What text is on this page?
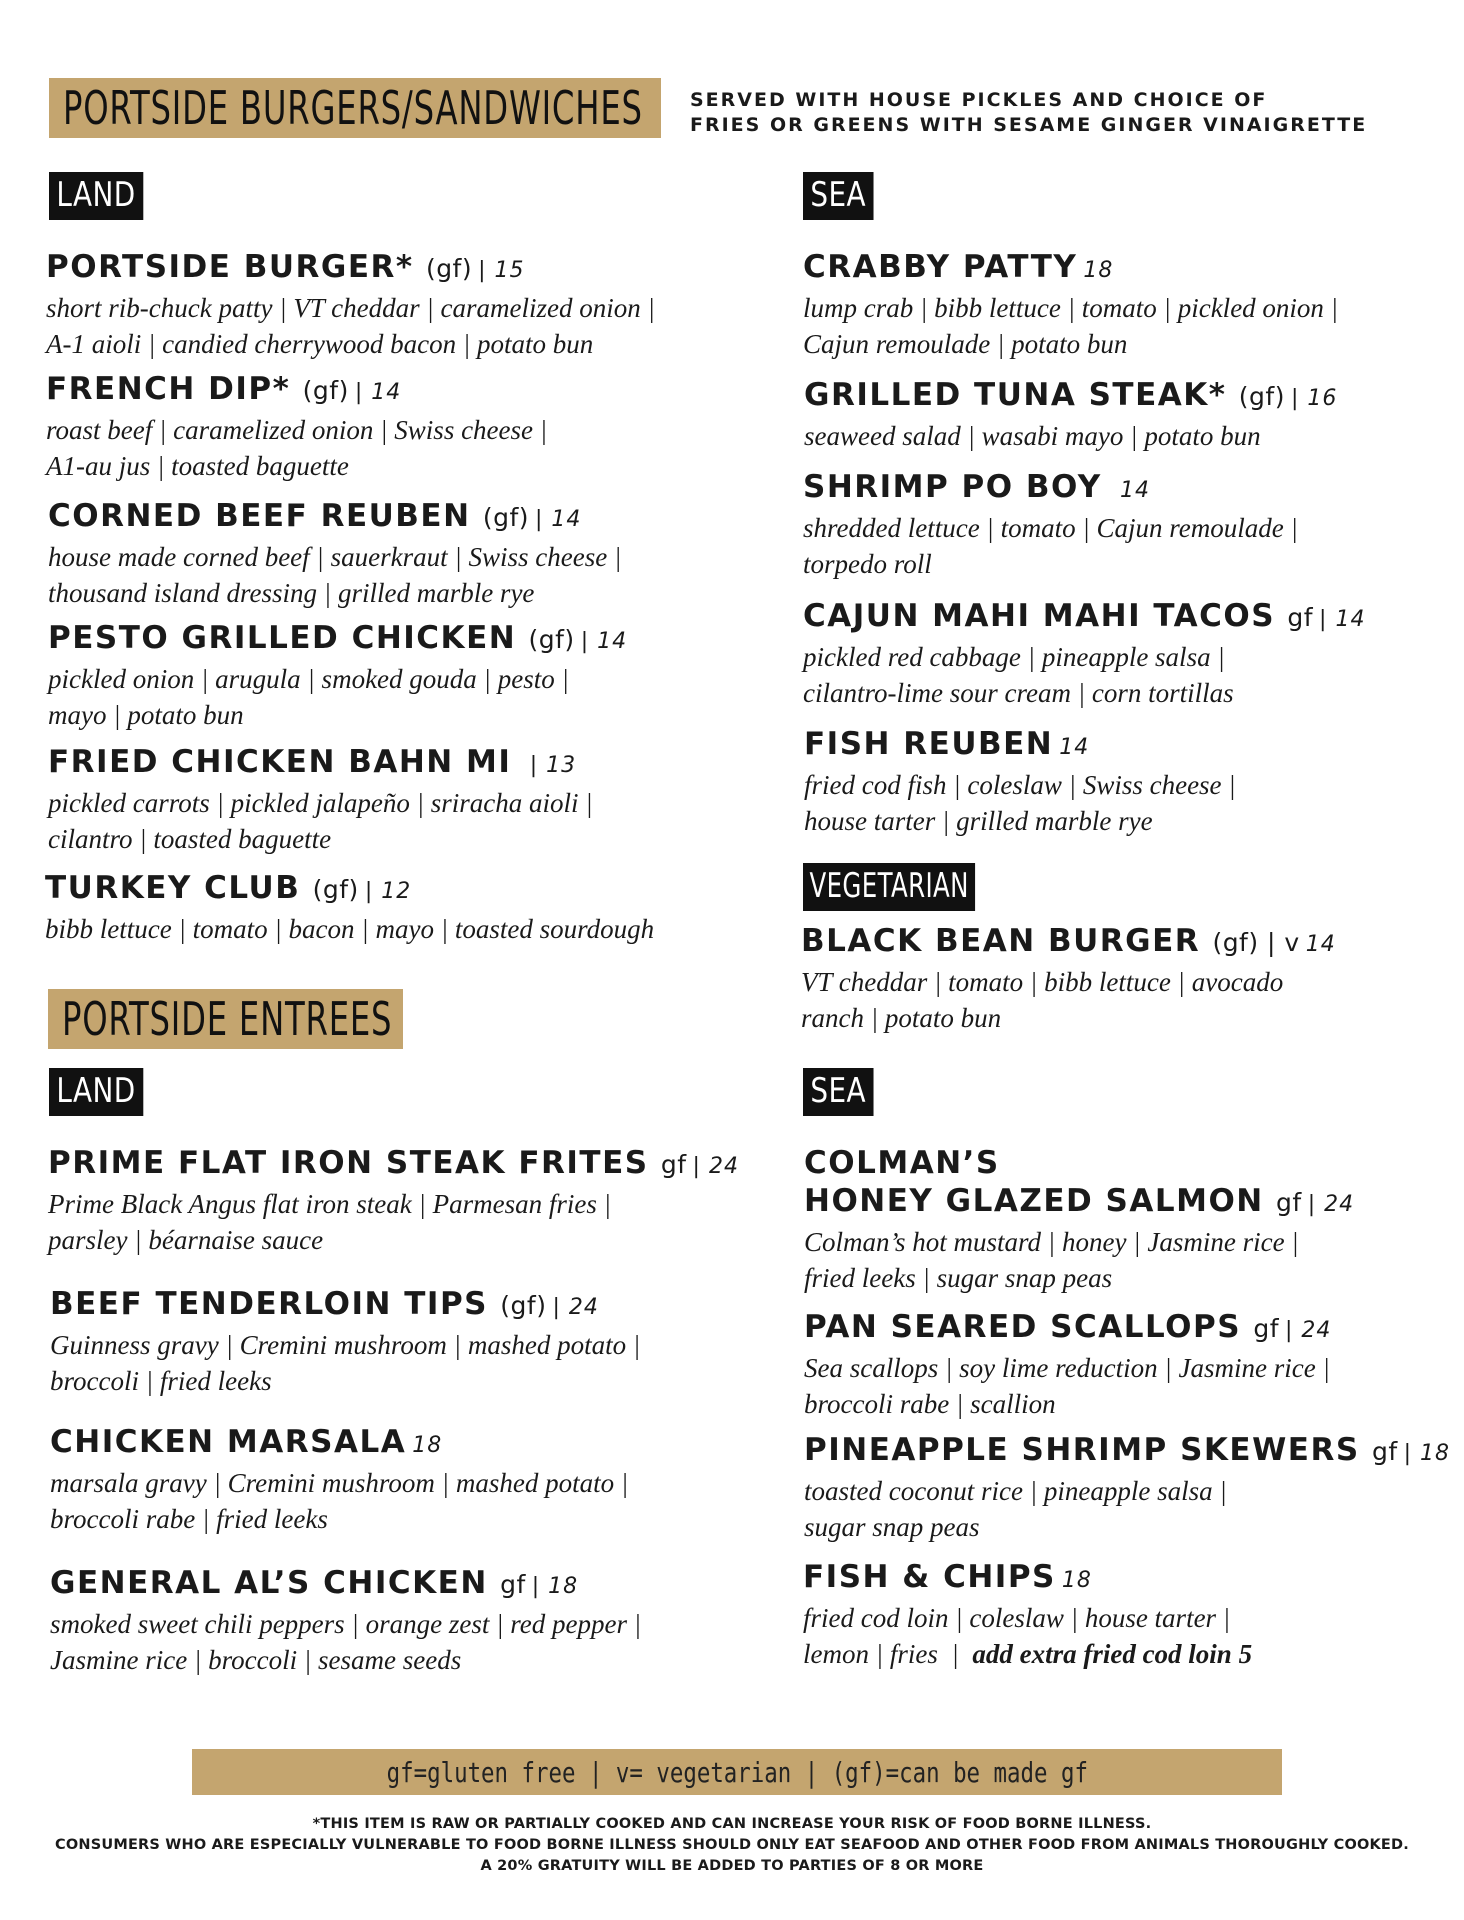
PORTSIDE BURGERS/SANDWICHES SERVED WITH HOUSE PICKLES AND CHOICE OF
FRIES OR GREENS WITH SESAME GINGER VINAIGRETTE
LAND	SEA
PORTSIDE BURGER* (gf) | 15
short rib-chuck patty | VT cheddar | caramelized onion |
A-1 aioli | candied cherrywood bacon | potato bun
FRENCH DIP* (gf) | 14
roast beef | caramelized onion | Swiss cheese |
A1-au jus | toasted baguette
CORNED BEEF REUBEN (gf) | 14
house made corned beef | sauerkraut | Swiss cheese |
thousand island dressing | grilled marble rye
PESTO GRILLED CHICKEN (gf) | 14
pickled onion | arugula | smoked gouda | pesto |
mayo | potato bun
FRIED CHICKEN BAHN MI | 13
pickled carrots | pickled jalapeño | sriracha aioli |
cilantro | toasted baguette
TURKEY CLUB (gf) | 12
bibb lettuce | tomato | bacon | mayo | toasted sourdough
CRABBY PATTY 18
lump crab | bibb lettuce | tomato | pickled onion |
Cajun remoulade | potato bun
GRILLED TUNA STEAK* (gf) | 16
seaweed salad | wasabi mayo | potato bun
SHRIMP PO BOY 14
shredded lettuce | tomato | Cajun remoulade |
torpedo roll
CAJUN MAHI MAHI TACOS gf | 14
pickled red cabbage | pineapple salsa |
cilantro-lime sour cream | corn tortillas
FISH REUBEN 14
fried cod fish | coleslaw | Swiss cheese |
house tarter | grilled marble rye
VEGETARIAN
BLACK BEAN BURGER (gf) | v 14
VT cheddar | tomato | bibb lettuce | avocado
ranch | potato bun
PORTSIDE ENTREES
LAND	SEA
PRIME FLAT IRON STEAK FRITES gf | 24
Prime Black Angus flat iron steak | Parmesan fries |
parsley | béarnaise sauce
BEEF TENDERLOIN TIPS (gf) | 24
Guinness gravy | Cremini mushroom | mashed potato |
broccoli | fried leeks
CHICKEN MARSALA 18
marsala gravy | Cremini mushroom | mashed potato |
broccoli rabe | fried leeks
GENERAL AL’S CHICKEN gf | 18
smoked sweet chili peppers | orange zest | red pepper |
Jasmine rice | broccoli | sesame seeds
COLMAN’S
HONEY GLAZED SALMON gf | 24
Colman’s hot mustard | honey | Jasmine rice |
fried leeks | sugar snap peas
PAN SEARED SCALLOPS gf | 24
Sea scallops | soy lime reduction | Jasmine rice |
broccoli rabe | scallion
PINEAPPLE SHRIMP SKEWERS gf | 18
toasted coconut rice | pineapple salsa |
sugar snap peas
FISH & CHIPS 18
fried cod loin | coleslaw | house tarter |
lemon | fries  | add extra fried cod loin 5
gf=gluten free | v= vegetarian | (gf)=can be made gf
*THIS ITEM IS RAW OR PARTIALLY COOKED AND CAN INCREASE YOUR RISK OF FOOD BORNE ILLNESS.
CONSUMERS WHO ARE ESPECIALLY VULNERABLE TO FOOD BORNE ILLNESS SHOULD ONLY EAT SEAFOOD AND OTHER FOOD FROM ANIMALS THOROUGHLY COOKED.
A 20% GRATUITY WILL BE ADDED TO PARTIES OF 8 OR MORE
